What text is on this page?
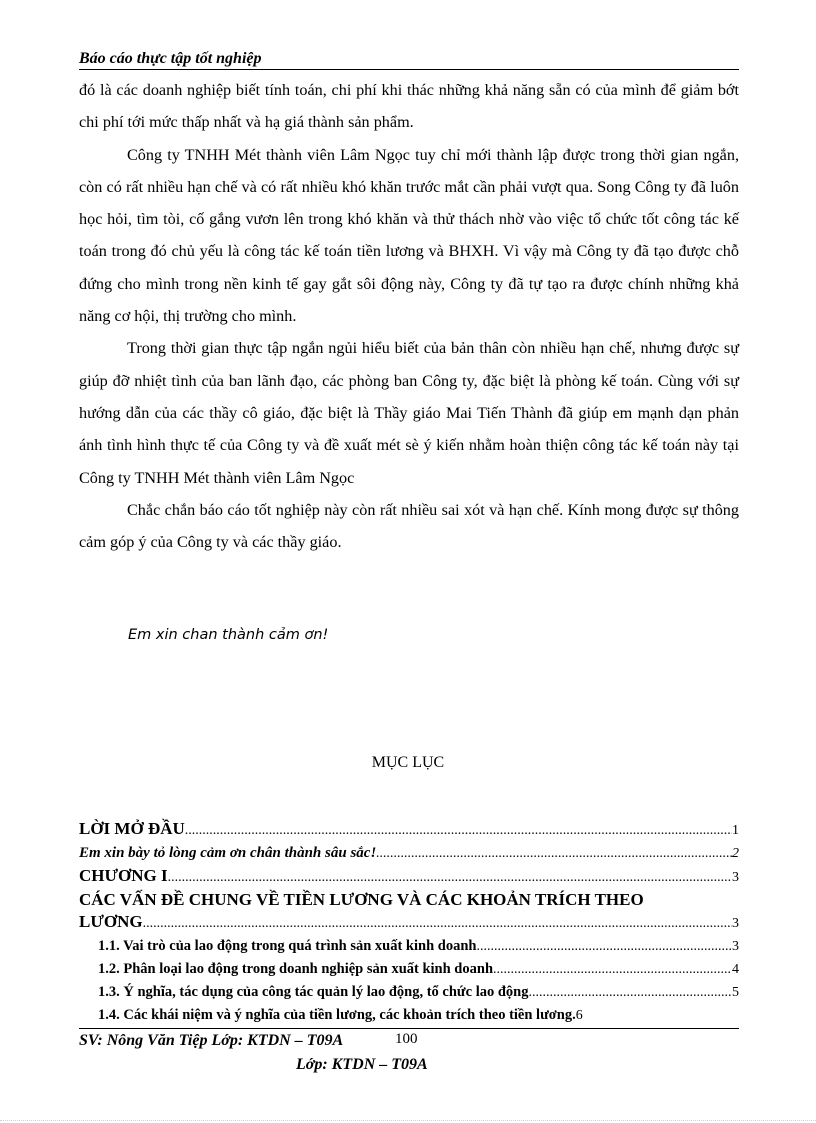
Báo cáo thực tập tốt nghiệp

đó là các doanh nghiệp biết tính toán, chi phí khi thác những khả năng sẵn có của mình để giảm bớt chi phí tới mức thấp nhất và hạ giá thành sản phẩm.

Công ty TNHH Mét thành viên Lâm Ngọc tuy chỉ mới thành lập được trong thời gian ngắn, còn có rất nhiều hạn chế và có rất nhiều khó khăn trước mắt cần phải vượt qua. Song Công ty đã luôn học hỏi, tìm tòi, cố gắng vươn lên trong khó khăn và thử thách nhờ vào việc tổ chức tốt công tác kế toán trong đó chủ yếu là công tác kế toán tiền lương và BHXH. Vì vậy mà Công ty đã tạo được chỗ đứng cho mình trong nền kinh tế gay gắt sôi động này, Công ty đã tự tạo ra được chính những khả năng cơ hội, thị trường cho mình.

Trong thời gian thực tập ngắn ngủi hiểu biết của bản thân còn nhiều hạn chế, nhưng được sự giúp đỡ nhiệt tình của ban lãnh đạo, các phòng ban Công ty, đặc biệt là phòng kế toán. Cùng với sự hướng dẫn của các thầy cô giáo, đặc biệt là Thầy giáo Mai Tiến Thành đã giúp em mạnh dạn phản ánh tình hình thực tế của Công ty và đề xuất mét sè ý kiến nhằm hoàn thiện công tác kế toán này tại Công ty TNHH Mét thành viên Lâm Ngọc

Chắc chắn báo cáo tốt nghiệp này còn rất nhiều sai xót và hạn chế. Kính mong được sự thông cảm góp ý của Công ty và các thầy giáo.

Em xin chan thành cảm ơn!
MỤC LỤC
LỜI MỞ ĐẦU .....	1
Em xin bày tỏ lòng cảm ơn chân thành sâu sắc! .....	2
CHƯƠNG I .....	3
CÁC VẤN ĐỀ CHUNG VỀ TIỀN LƯƠNG VÀ CÁC KHOẢN TRÍCH THEO
LƯƠNG .....	3
1.1. Vai trò của lao động trong quá trình sản xuất kinh doanh .....	3
1.2. Phân loại lao động trong doanh nghiệp sản xuất kinh doanh .....	4
1.3. Ý nghĩa, tác dụng của công tác quản lý lao động, tổ chức lao động .....	5
1.4. Các khái niệm và ý nghĩa của tiền lương, các khoản trích theo tiền lương. 6
SV: Nông Văn Tiệp Lớp: KTDN – T09A	100
Lớp: KTDN – T09A
